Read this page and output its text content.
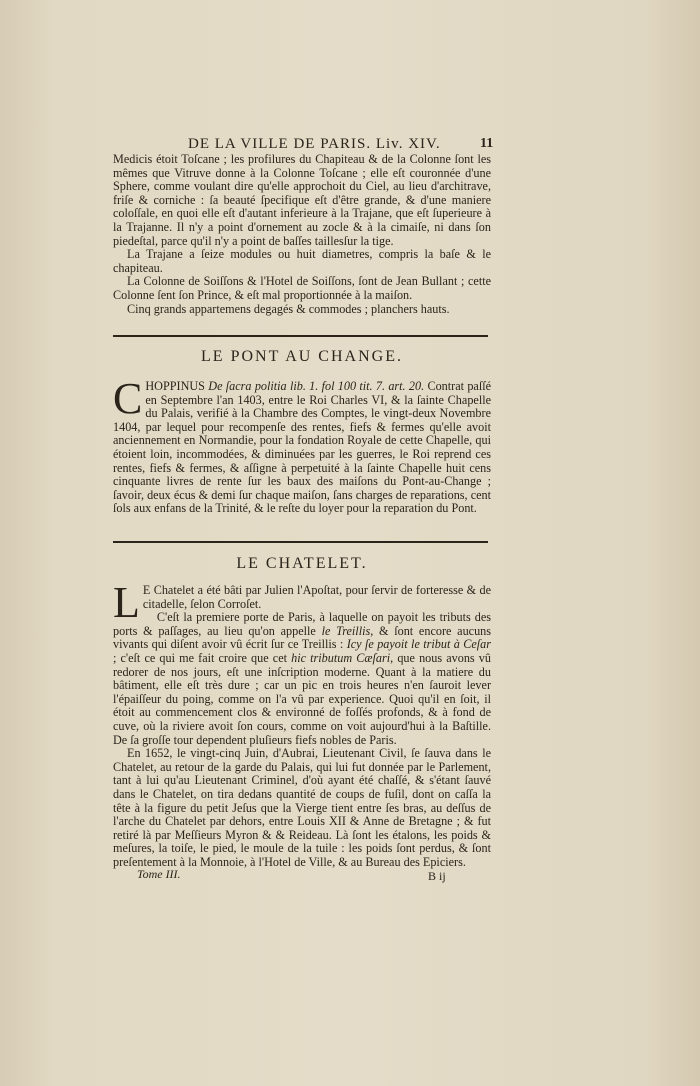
DE LA VILLE DE PARIS. Liv. XIV.	11

Medicis étoit Toſcane ; les profilures du Chapiteau & de la Colonne ſont les mêmes que Vitruve donne à la Colonne Toſcane ; elle eſt couronnée d'une Sphere, comme voulant dire qu'elle approchoit du Ciel, au lieu d'architrave, friſe & corniche : ſa beauté ſpecifique eſt d'être grande, & d'une maniere coloſſale, en quoi elle eſt d'autant inferieure à la Trajane, que eſt ſuperieure à la Trajanne. Il n'y a point d'ornement au zocle & à la cimaiſe, ni dans ſon piedeſtal, parce qu'il n'y a point de baſſes taillesſur la tige.

La Trajane a ſeize modules ou huit diametres, compris la baſe & le chapiteau.

La Colonne de Soiſſons & l'Hotel de Soiſſons, ſont de Jean Bullant ; cette Colonne ſent ſon Prince, & eſt mal proportionnée à la maiſon.

Cinq grands appartemens degagés & commodes ; planchers hauts.

LE PONT AU CHANGE.

CHOPPINUS De ſacra politia lib. 1. fol 100 tit. 7. art. 20. Contrat paſſé en Septembre l'an 1403, entre le Roi Charles VI, & la ſainte Chapelle du Palais, verifié à la Chambre des Comptes, le vingt-deux Novembre 1404, par lequel pour recompenſe des rentes, fiefs & fermes qu'elle avoit anciennement en Normandie, pour la fondation Royale de cette Chapelle, qui étoient loin, incommodées, & diminuées par les guerres, le Roi reprend ces rentes, fiefs & fermes, & aſſigne à perpetuité à la ſainte Chapelle huit cens cinquante livres de rente ſur les baux des maiſons du Pont-au-Change ; ſavoir, deux écus & demi ſur chaque maiſon, ſans charges de reparations, cent ſols aux enfans de la Trinité, & le reſte du loyer pour la reparation du Pont.

LE CHATELET.

L E Chatelet a été bâti par Julien l'Apoſtat, pour ſervir de forteresse & de citadelle, ſelon Corroſet.

C'eſt la premiere porte de Paris, à laquelle on payoit les tributs des ports & paſſages, au lieu qu'on appelle le Treillis, & ſont encore aucuns vivants qui diſent avoir vû écrit ſur ce Treillis : Icy ſe payoit le tribut à Ceſar ; c'eſt ce qui me fait croire que cet hic tributum Cæſari, que nous avons vû redorer de nos jours, eſt une inſcription moderne. Quant à la matiere du bâtiment, elle eſt très dure ; car un pic en trois heures n'en ſauroit lever l'épaiſſeur du poing, comme on l'a vû par experience. Quoi qu'il en ſoit, il étoit au commencement clos & environné de foſſés profonds, & à fond de cuve, où la riviere avoit ſon cours, comme on voit aujourd'hui à la Baſtille. De ſa groſſe tour dependent pluſieurs fiefs nobles de Paris.

En 1652, le vingt-cinq Juin, d'Aubrai, Lieutenant Civil, ſe ſauva dans le Chatelet, au retour de la garde du Palais, qui lui fut donnée par le Parlement, tant à lui qu'au Lieutenant Criminel, d'où ayant été chaſſé, & s'étant ſauvé dans le Chatelet, on tira dedans quantité de coups de fuſil, dont on caſſa la tête à la figure du petit Jeſus que la Vierge tient entre ſes bras, au deſſus de l'arche du Chatelet par dehors, entre Louis XII & Anne de Bretagne ; & fut retiré là par Meſſieurs Myron & & Reideau. Là ſont les étalons, les poids & meſures, la toiſe, le pied, le moule de la tuile : les poids ſont perdus, & ſont preſentement à la Monnoie, à l'Hotel de Ville, & au Bureau des Epiciers.

Tome III.	B ij
